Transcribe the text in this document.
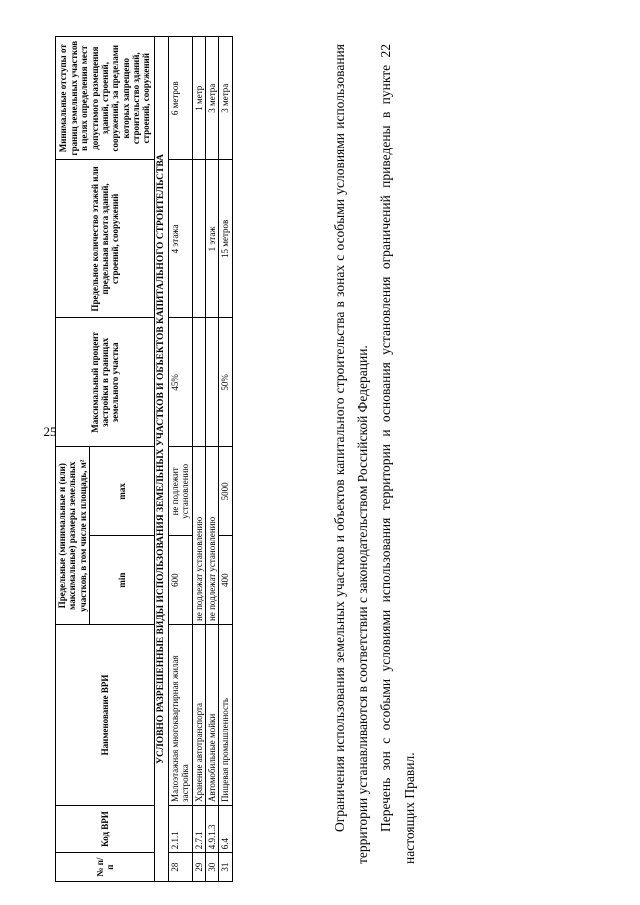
25
№ п/п	Код ВРИ	Наименование ВРИ	Предельные (минимальные и (или) максимальные) размеры земельных участков, в том числе их площадь, м²		Максимальный процент застройки в границах земельного участка	Предельное количество этажей или предельная высота зданий, строений, сооружений	Минимальные отступы от границ земельных участков в целях определения мест допустимого размещения зданий, строений, сооружений, за пределами которых запрещено строительство зданий, строений, сооружений
			min	max			
УСЛОВНО РАЗРЕШЕННЫЕ ВИДЫ ИСПОЛЬЗОВАНИЯ ЗЕМЕЛЬНЫХ УЧАСТКОВ И ОБЪЕКТОВ КАПИТАЛЬНОГО СТРОИТЕЛЬСТВА							
28	2.1.1	Малоэтажная многоквартирная жилая застройка	600	не подлежит установлению	45%	4 этажа	6 метров
29	2.7.1	Хранение автотранспорта	не подлежат установлению				1 метр
30	4.9.1.3	Автомобильные мойки	не подлежат установлению			1 этаж	3 метра
31	6.4	Пищевая промышленность	400	5000	50%	15 метров	3 метра	Ограничения использования земельных участков и объектов капитального строительства в зонах с особыми условиями использования территории устанавливаются в соответствии с законодательством Российской Федерации. Перечень зон с особыми условиями использования территории и основания установления ограничений приведены в пункте 22 настоящих Правил.
